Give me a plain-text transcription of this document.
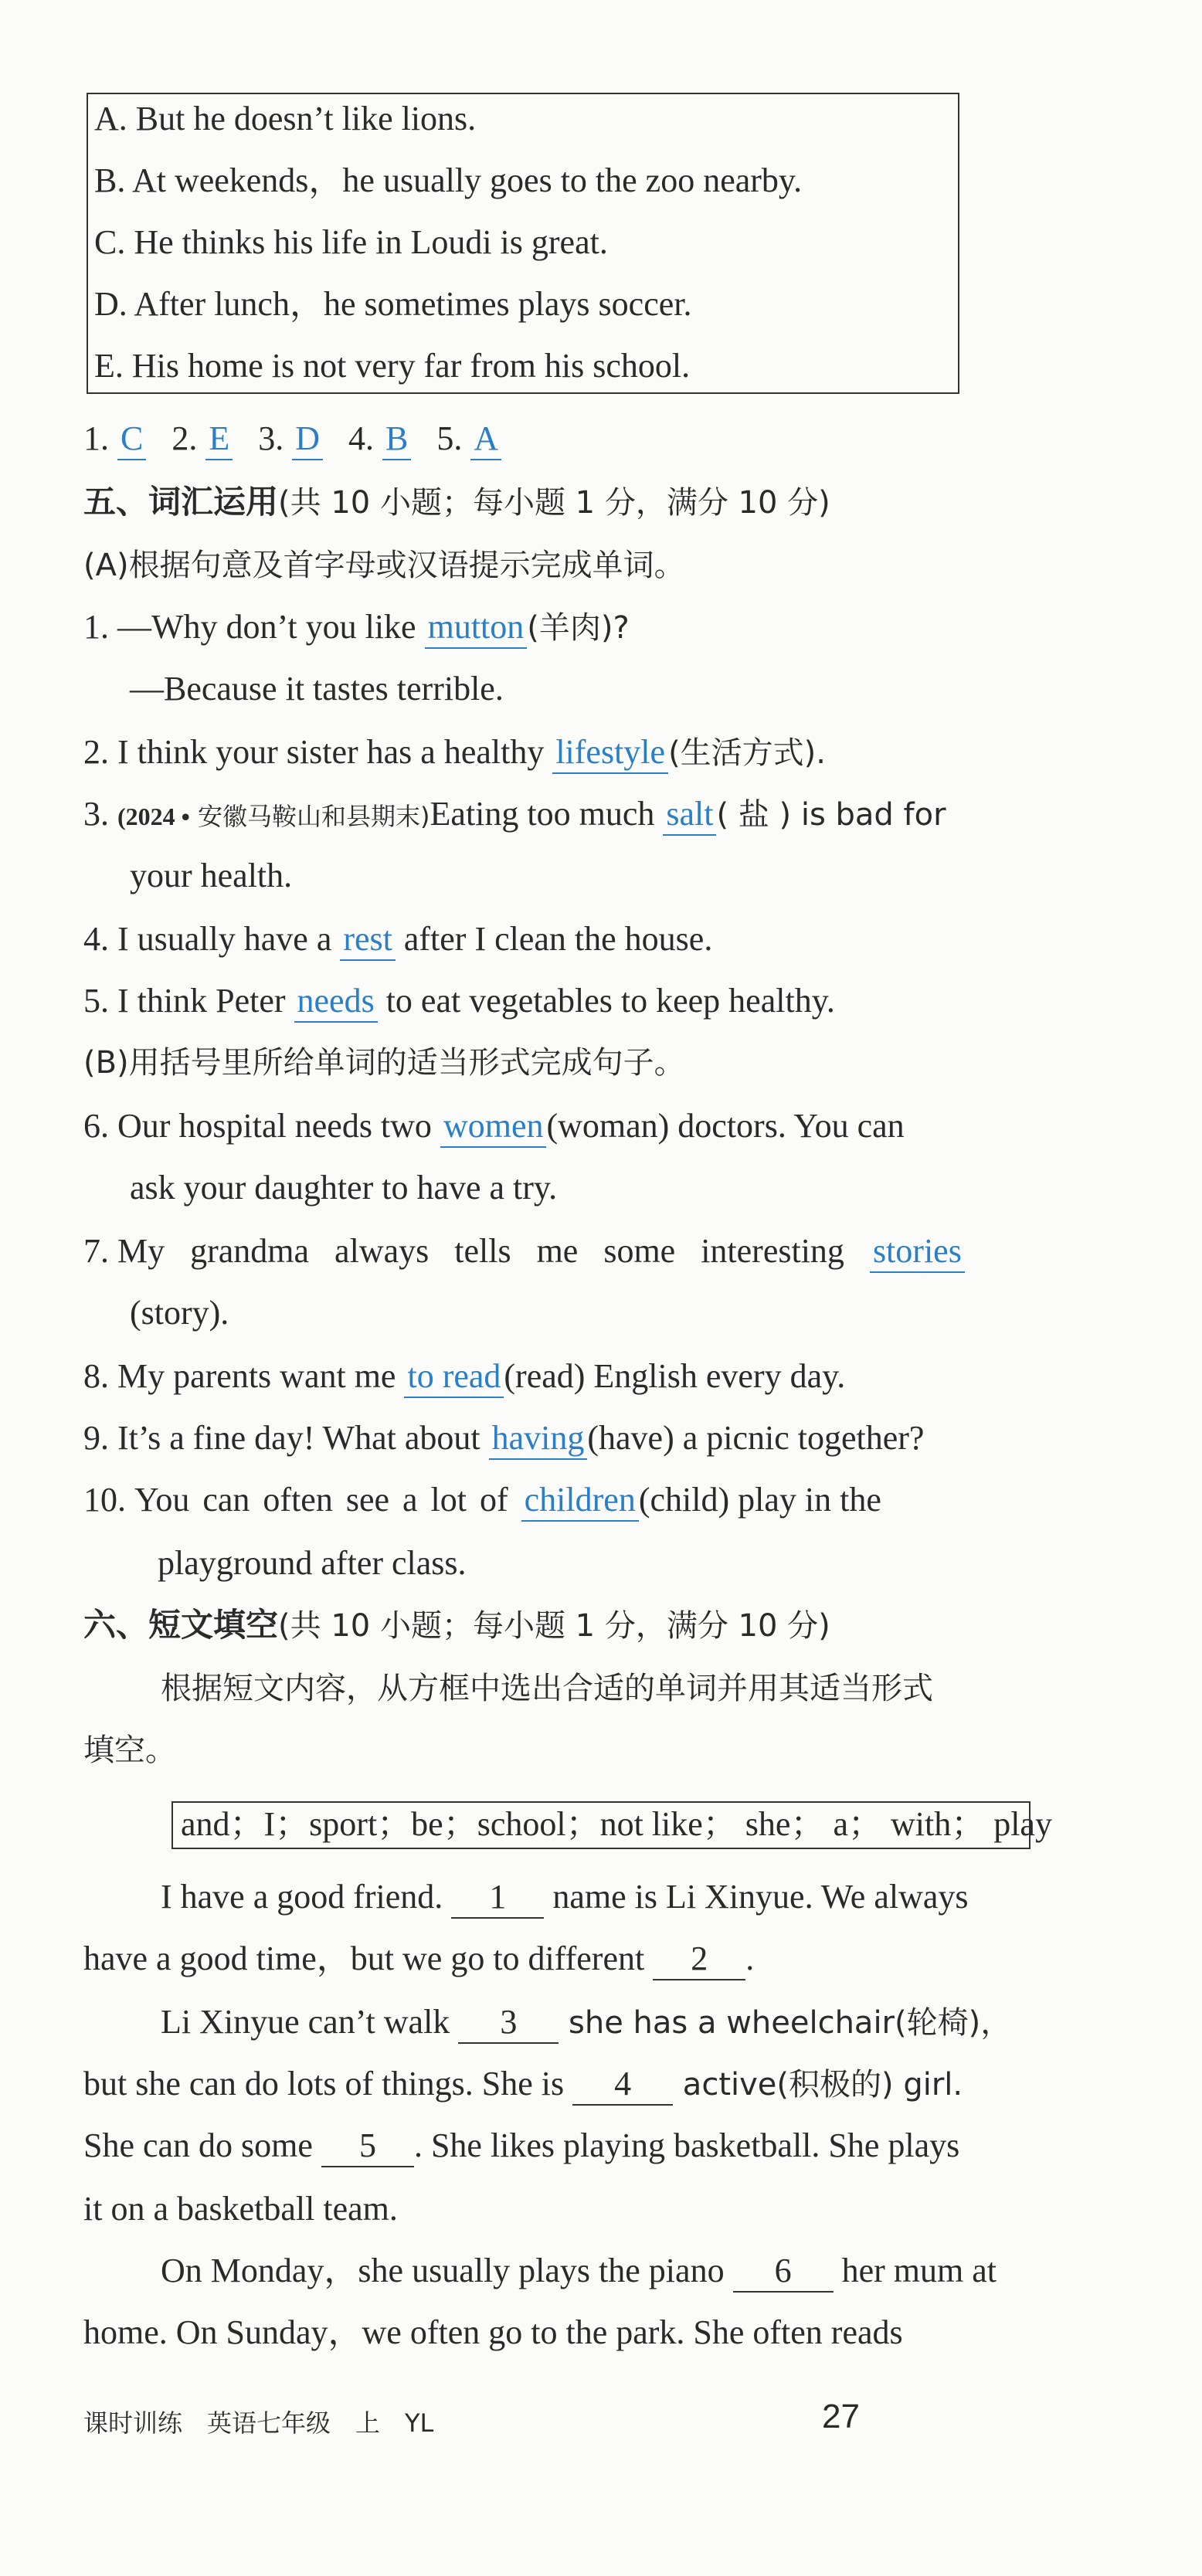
A. But he doesn’t like lions.
B. At weekends，he usually goes to the zoo nearby.
C. He thinks his life in Loudi is great.
D. After lunch，he sometimes plays soccer.
E. His home is not very far from his school.
1. C 2. E 3. D 4. B 5. A
五、词汇运用(共 10 小题；每小题 1 分，满分 10 分)
(A)根据句意及首字母或汉语提示完成单词。
1. —Why don’t you like mutton (羊肉)?
—Because it tastes terrible.
2. I think your sister has a healthy lifestyle (生活方式).
3. (2024 • 安徽马鞍山和县期末)Eating too much salt ( 盐 ) is bad for
your health.
4. I usually have a rest after I clean the house.
5. I think Peter needs to eat vegetables to keep healthy.
(B)用括号里所给单词的适当形式完成句子。
6. Our hospital needs two women(woman) doctors. You can
ask your daughter to have a try.
7. My grandma always tells me some interesting stories
(story).
8. My parents want me to read(read) English every day.
9. It’s a fine day! What about having(have) a picnic together?
10. You can often see a lot of children(child) play in the
playground after class.
六、短文填空(共 10 小题；每小题 1 分，满分 10 分)
根据短文内容，从方框中选出合适的单词并用其适当形式
填空。
and；I；sport；be；school；not like； she； a； with； play
I have a good friend. 1 name is Li Xinyue. We always
have a good time，but we go to different 2 .
Li Xinyue can’t walk 3 she has a wheelchair(轮椅)，
but she can do lots of things. She is 4 active(积极的) girl.
She can do some 5 . She likes playing basketball. She plays
it on a basketball team.
On Monday，she usually plays the piano 6 her mum at
home. On Sunday，we often go to the park. She often reads
课时训练　英语七年级　上　YL	27
